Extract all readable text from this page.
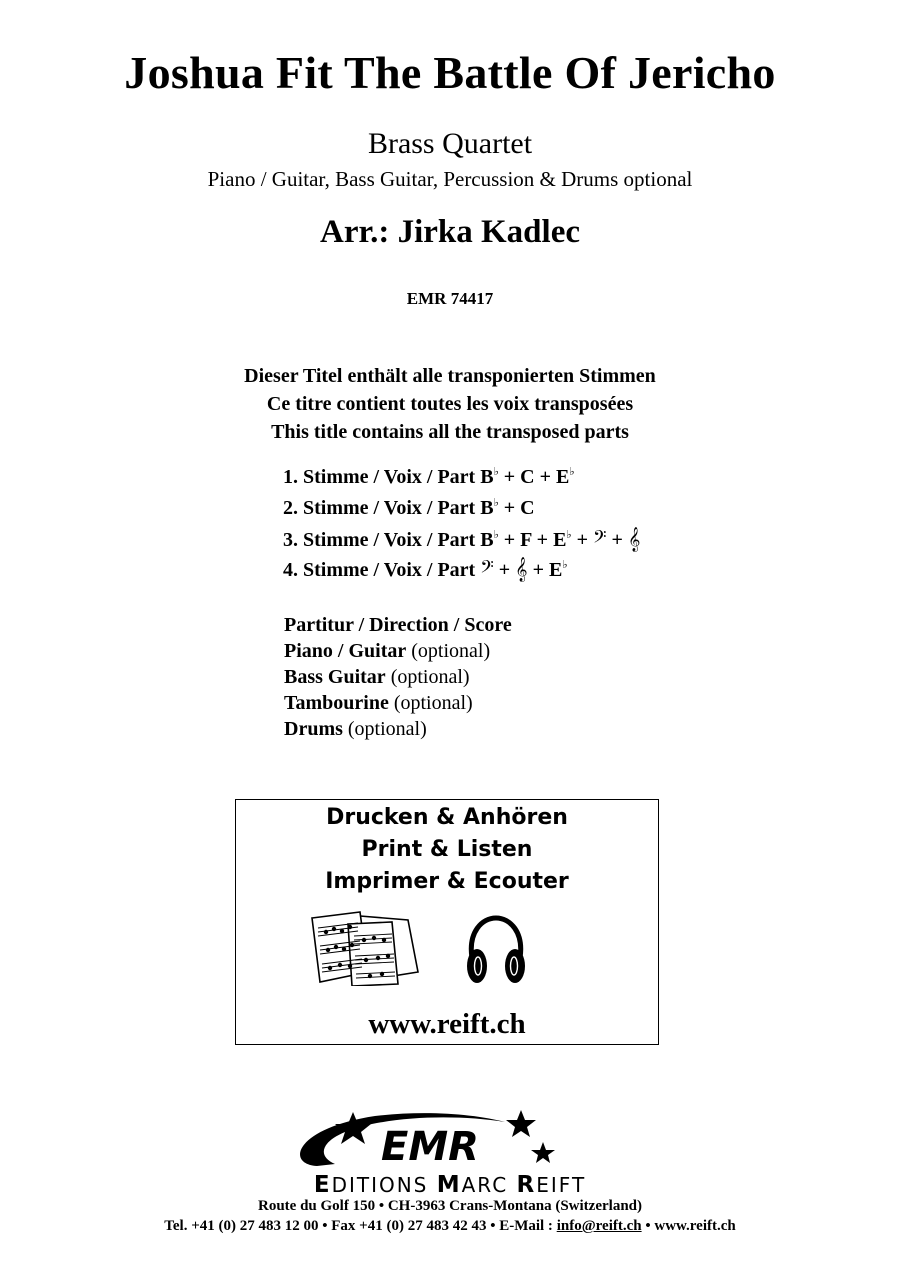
Joshua Fit The Battle Of Jericho
Brass Quartet
Piano / Guitar, Bass Guitar, Percussion & Drums optional
Arr.: Jirka Kadlec
EMR 74417
Dieser Titel enthält alle transponierten Stimmen
Ce titre contient toutes les voix transposées
This title contains all the transposed parts
1. Stimme / Voix / Part B♭ + C + E♭
2. Stimme / Voix / Part B♭ + C
3. Stimme / Voix / Part B♭ + F + E♭ + 𝄢 + 𝄞
4. Stimme / Voix / Part 𝄢 + 𝄞 + E♭
Partitur / Direction / Score
Piano / Guitar (optional)
Bass Guitar (optional)
Tambourine (optional)
Drums (optional)
Drucken & Anhören
Print & Listen
Imprimer & Ecouter
www.reift.ch
EMR
EDITIONS MARC REIFT
Route du Golf 150 • CH-3963 Crans-Montana (Switzerland)
Tel. +41 (0) 27 483 12 00 • Fax +41 (0) 27 483 42 43 • E-Mail : info@reift.ch • www.reift.ch
